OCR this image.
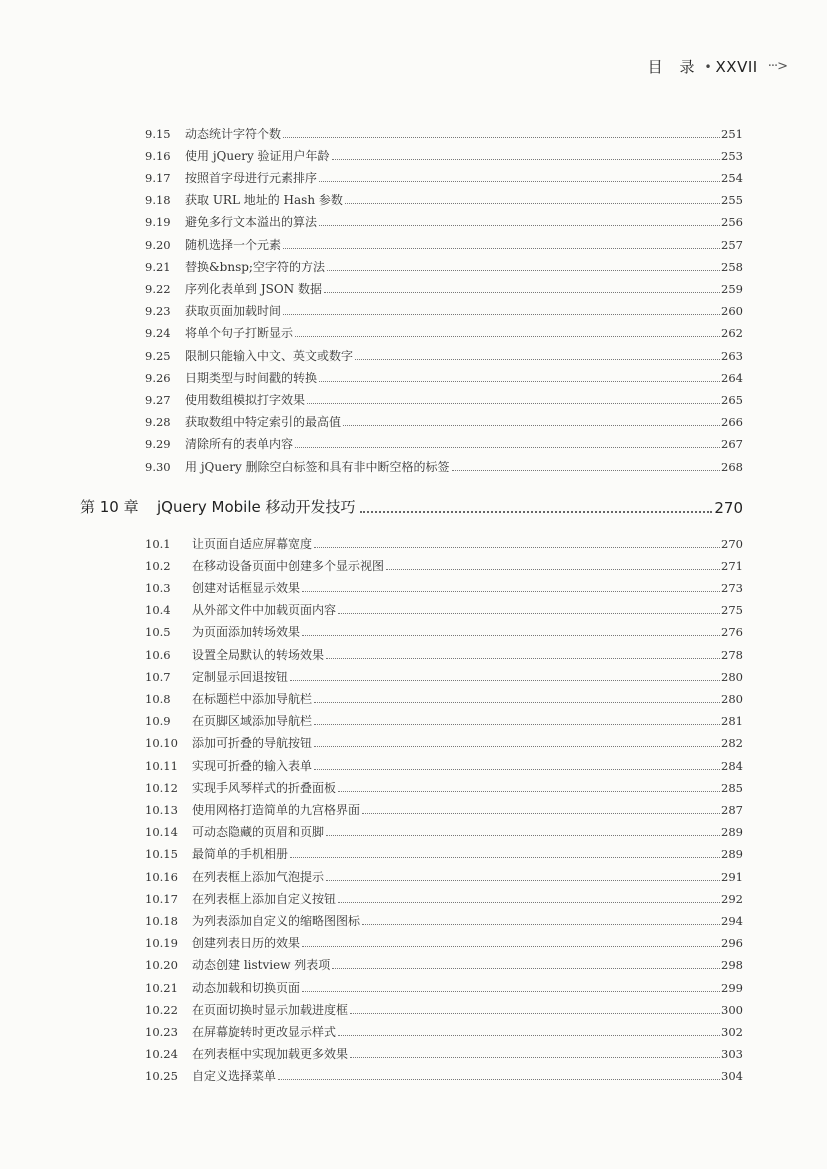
目 录 • XXVII ···>
9.15	动态统计字符个数	251
9.16	使用 jQuery 验证用户年龄	253
9.17	按照首字母进行元素排序	254
9.18	获取 URL 地址的 Hash 参数	255
9.19	避免多行文本溢出的算法	256
9.20	随机选择一个元素	257
9.21	替换&bnsp;空字符的方法	258
9.22	序列化表单到 JSON 数据	259
9.23	获取页面加载时间	260
9.24	将单个句子打断显示	262
9.25	限制只能输入中文、英文或数字	263
9.26	日期类型与时间戳的转换	264
9.27	使用数组模拟打字效果	265
9.28	获取数组中特定索引的最高值	266
9.29	清除所有的表单内容	267
9.30	用 jQuery 删除空白标签和具有非中断空格的标签	268
第 10 章	jQuery Mobile 移动开发技巧	270
10.1	让页面自适应屏幕宽度	270
10.2	在移动设备页面中创建多个显示视图	271
10.3	创建对话框显示效果	273
10.4	从外部文件中加载页面内容	275
10.5	为页面添加转场效果	276
10.6	设置全局默认的转场效果	278
10.7	定制显示回退按钮	280
10.8	在标题栏中添加导航栏	280
10.9	在页脚区域添加导航栏	281
10.10	添加可折叠的导航按钮	282
10.11	实现可折叠的输入表单	284
10.12	实现手风琴样式的折叠面板	285
10.13	使用网格打造简单的九宫格界面	287
10.14	可动态隐藏的页眉和页脚	289
10.15	最简单的手机相册	289
10.16	在列表框上添加气泡提示	291
10.17	在列表框上添加自定义按钮	292
10.18	为列表添加自定义的缩略图图标	294
10.19	创建列表日历的效果	296
10.20	动态创建 listview 列表项	298
10.21	动态加载和切换页面	299
10.22	在页面切换时显示加载进度框	300
10.23	在屏幕旋转时更改显示样式	302
10.24	在列表框中实现加载更多效果	303
10.25	自定义选择菜单	304
